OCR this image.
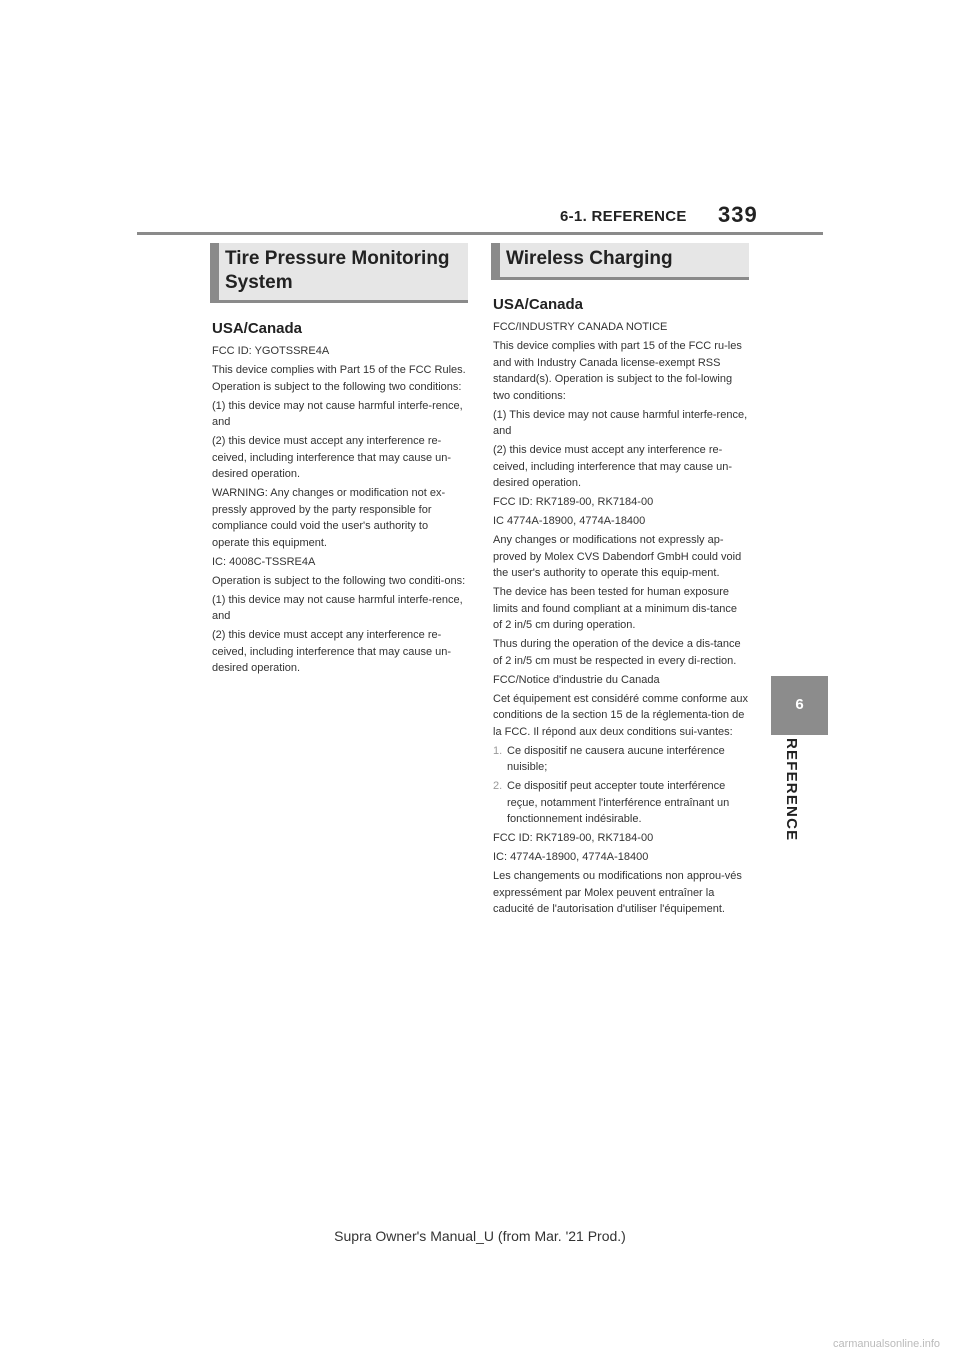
6-1. REFERENCE 339
6
REFERENCE
Tire Pressure Monitoring System
Wireless Charging
USA/Canada
FCC ID: YGOTSSRE4A
This device complies with Part 15 of the FCC Rules. Operation is subject to the following two conditions:
(1) this device may not cause harmful interfe-rence, and
(2) this device must accept any interference re-ceived, including interference that may cause un-desired operation.
WARNING: Any changes or modification not ex-pressly approved by the party responsible for compliance could void the user's authority to operate this equipment.
IC: 4008C-TSSRE4A
Operation is subject to the following two conditi-ons:
(1) this device may not cause harmful interfe-rence, and
(2) this device must accept any interference re-ceived, including interference that may cause un-desired operation.
USA/Canada
FCC/INDUSTRY CANADA NOTICE
This device complies with part 15 of the FCC ru-les and with Industry Canada license-exempt RSS standard(s). Operation is subject to the fol-lowing two conditions:
(1) This device may not cause harmful interfe-rence, and
(2) this device must accept any interference re-ceived, including interference that may cause un-desired operation.
FCC ID: RK7189-00, RK7184-00
IC 4774A-18900, 4774A-18400
Any changes or modifications not expressly ap-proved by Molex CVS Dabendorf GmbH could void the user's authority to operate this equip-ment.
The device has been tested for human exposure limits and found compliant at a minimum dis-tance of 2 in/5 cm during operation.
Thus during the operation of the device a dis-tance of 2 in/5 cm must be respected in every di-rection.
FCC/Notice d'industrie du Canada
Cet équipement est considéré comme conforme aux conditions de la section 15 de la réglementa-tion de la FCC. Il répond aux deux conditions sui-vantes:
1. Ce dispositif ne causera aucune interférence nuisible;
2. Ce dispositif peut accepter toute interférence reçue, notamment l'interférence entraînant un fonctionnement indésirable.
FCC ID: RK7189-00, RK7184-00
IC: 4774A-18900, 4774A-18400
Les changements ou modifications non approu-vés expressément par Molex peuvent entraîner la caducité de l'autorisation d'utiliser l'équipement.
Supra Owner's Manual_U (from Mar. '21 Prod.)
carmanualsonline.info
